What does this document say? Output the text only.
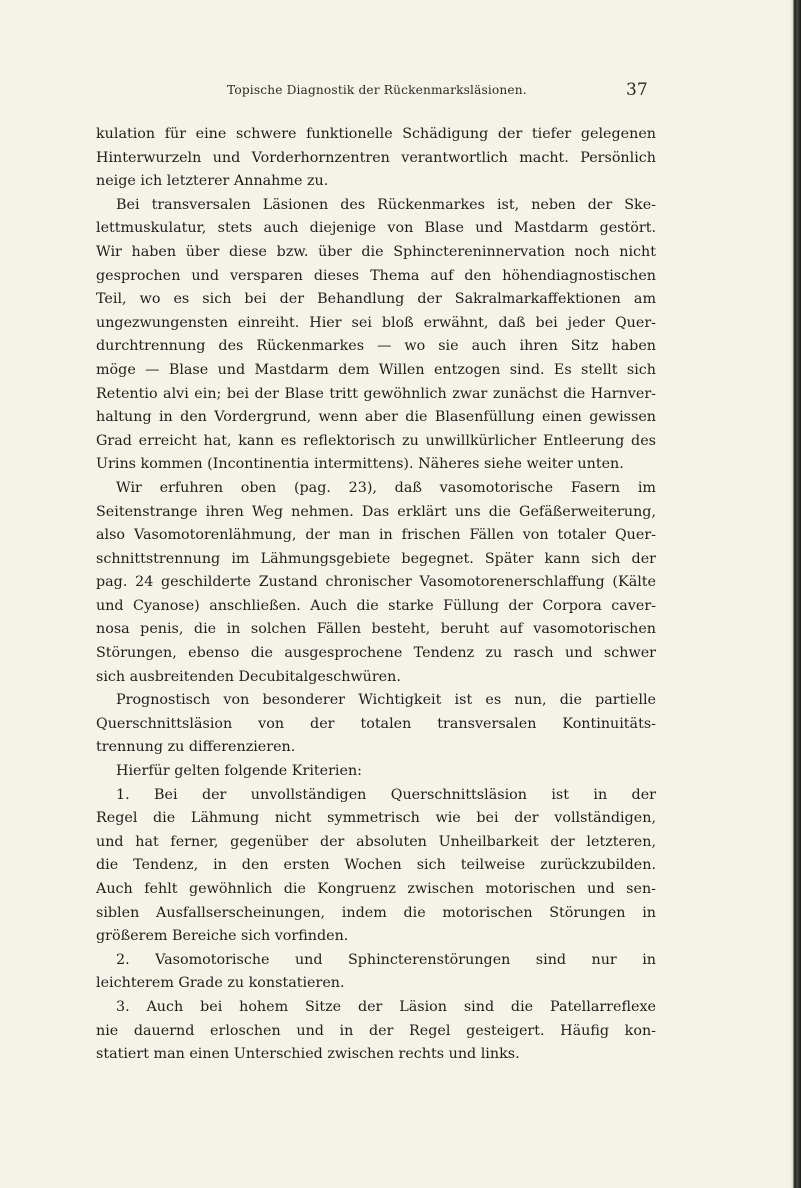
Topische Diagnostik der Rückenmarksläsionen.	37
kulation für eine schwere funktionelle Schädigung der tiefer gelegenen
Hinterwurzeln und Vorderhornzentren verantwortlich macht. Persönlich
neige ich letzterer Annahme zu.
Bei transversalen Läsionen des Rückenmarkes ist, neben der Ske-
lettmuskulatur, stets auch diejenige von Blase und Mastdarm gestört.
Wir haben über diese bzw. über die Sphinctereninnervation noch nicht
gesprochen und versparen dieses Thema auf den höhendiagnostischen
Teil, wo es sich bei der Behandlung der Sakralmarkaffektionen am
ungezwungensten einreiht. Hier sei bloß erwähnt, daß bei jeder Quer-
durchtrennung des Rückenmarkes — wo sie auch ihren Sitz haben
möge — Blase und Mastdarm dem Willen entzogen sind. Es stellt sich
Retentio alvi ein; bei der Blase tritt gewöhnlich zwar zunächst die Harnver-
haltung in den Vordergrund, wenn aber die Blasenfüllung einen gewissen
Grad erreicht hat, kann es reflektorisch zu unwillkürlicher Entleerung des
Urins kommen (Incontinentia intermittens). Näheres siehe weiter unten.
Wir erfuhren oben (pag. 23), daß vasomotorische Fasern im
Seitenstrange ihren Weg nehmen. Das erklärt uns die Gefäßerweiterung,
also Vasomotorenlähmung, der man in frischen Fällen von totaler Quer-
schnittstrennung im Lähmungsgebiete begegnet. Später kann sich der
pag. 24 geschilderte Zustand chronischer Vasomotorenerschlaffung (Kälte
und Cyanose) anschließen. Auch die starke Füllung der Corpora caver-
nosa penis, die in solchen Fällen besteht, beruht auf vasomotorischen
Störungen, ebenso die ausgesprochene Tendenz zu rasch und schwer
sich ausbreitenden Decubitalgeschwüren.
Prognostisch von besonderer Wichtigkeit ist es nun, die partielle
Querschnittsläsion von der totalen transversalen Kontinuitäts-
trennung zu differenzieren.
Hierfür gelten folgende Kriterien:
1. Bei der unvollständigen Querschnittsläsion ist in der
Regel die Lähmung nicht symmetrisch wie bei der vollständigen,
und hat ferner, gegenüber der absoluten Unheilbarkeit der letzteren,
die Tendenz, in den ersten Wochen sich teilweise zurückzubilden.
Auch fehlt gewöhnlich die Kongruenz zwischen motorischen und sen-
siblen Ausfallserscheinungen, indem die motorischen Störungen in
größerem Bereiche sich vorfinden.
2. Vasomotorische und Sphincterenstörungen sind nur in
leichterem Grade zu konstatieren.
3. Auch bei hohem Sitze der Läsion sind die Patellarreflexe
nie dauernd erloschen und in der Regel gesteigert. Häufig kon-
statiert man einen Unterschied zwischen rechts und links.
